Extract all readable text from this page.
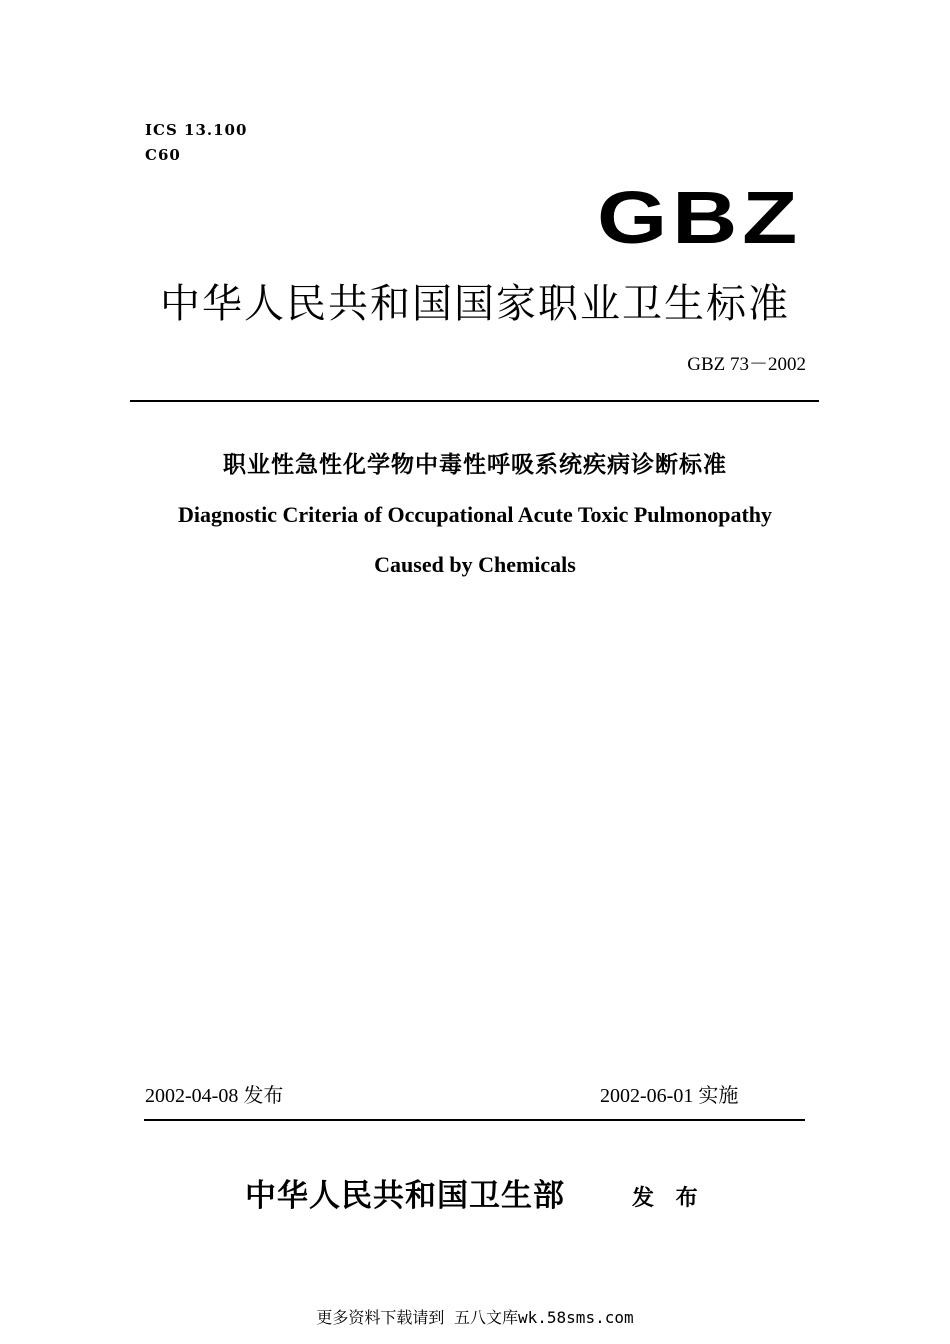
ICS 13.100
C60
GBZ
中华人民共和国国家职业卫生标准
GBZ 73－2002
职业性急性化学物中毒性呼吸系统疾病诊断标准
Diagnostic Criteria of Occupational Acute Toxic Pulmonopathy
Caused by Chemicals
2002-04-08 发布	2002-06-01 实施
中华人民共和国卫生部	发 布
更多资料下载请到 五八文库wk.58sms.com
